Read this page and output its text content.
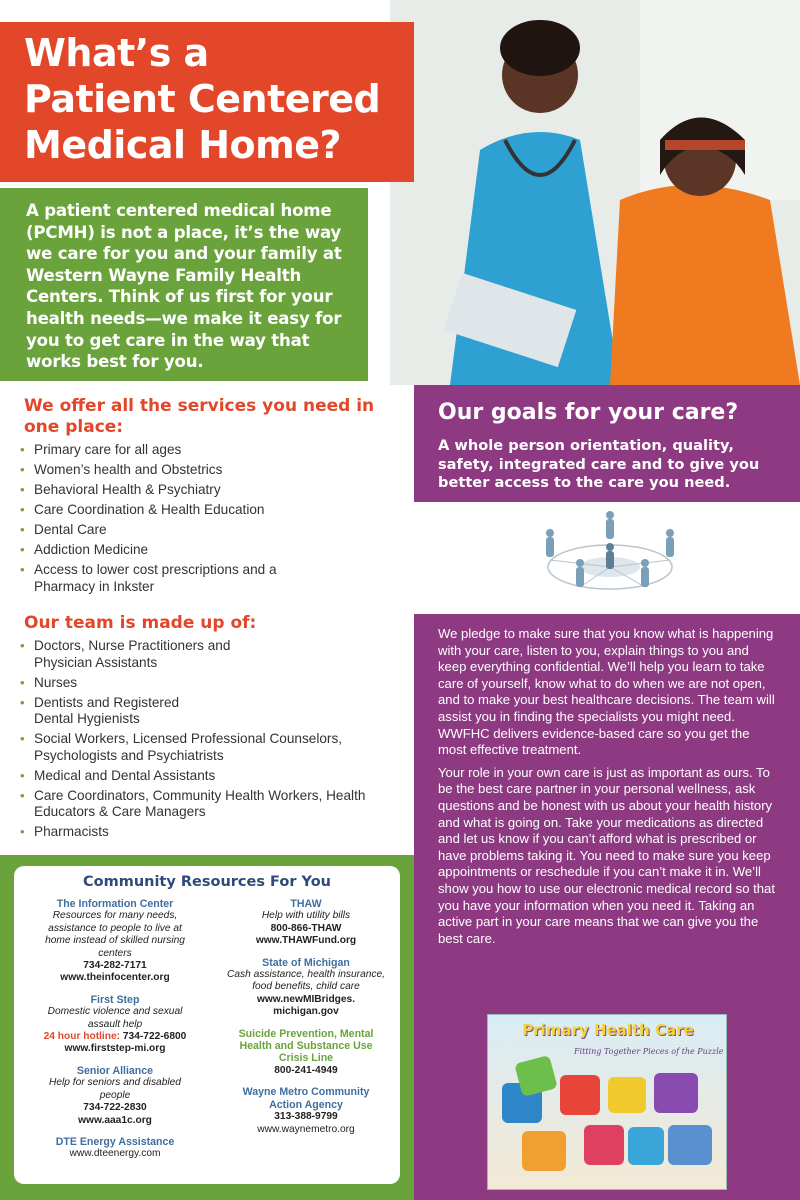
What’s a
Patient Centered
Medical Home?

A patient centered medical home (PCMH) is not a place, it’s the way we care for you and your family at Western Wayne Family Health Centers. Think of us first for your health needs—we make it easy for you to get care in the way that works best for you.

We offer all the services you need in one place:
• Primary care for all ages
• Women’s health and Obstetrics
• Behavioral Health & Psychiatry
• Care Coordination & Health Education
• Dental Care
• Addiction Medicine
• Access to lower cost prescriptions and a Pharmacy in Inkster
Our team is made up of:
• Doctors, Nurse Practitioners and Physician Assistants
• Nurses
• Dentists and Registered Dental Hygienists
• Social Workers, Licensed Professional Counselors, Psychologists and Psychiatrists
• Medical and Dental Assistants
• Care Coordinators, Community Health Workers, Health Educators & Care Managers
• Pharmacists
Our goals for your care?

A whole person orientation, quality, safety, integrated care and to give you better access to the care you need.

We pledge to make sure that you know what is happening with your care, listen to you, explain things to you and keep everything confidential. We’ll help you learn to take care of yourself, know what to do when we are not open, and to make your best healthcare decisions. The team will assist you in finding the specialists you might need. WWFHC delivers evidence-based care so you get the most effective treatment.

Your role in your own care is just as important as ours. To be the best care partner in your personal wellness, ask questions and be honest with us about your health history and what is going on. Take your medications as directed and let us know if you can’t afford what is prescribed or have problems taking it. You need to make sure you keep appointments or reschedule if you can’t make it in. We’ll show you how to use our electronic medical record so that you have your information when you need it. Taking an active part in your care means that we can give you the best care.

Primary Health Care
Fitting Together Pieces of the Puzzle
Community Resources For You
The Information Center
Resources for many needs, assistance to people to live at home instead of skilled nursing centers
734-282-7171
www.theinfocenter.org
First Step
Domestic violence and sexual assault help
24 hour hotline: 734-722-6800
www.firststep-mi.org
Senior Alliance
Help for seniors and disabled people
734-722-2830
www.aaa1c.org
DTE Energy Assistance
www.dteenergy.com
THAW
Help with utility bills
800-866-THAW
www.THAWFund.org
State of Michigan
Cash assistance, health insurance, food benefits, child care
www.newMIBridges. michigan.gov
Suicide Prevention, Mental Health and Substance Use Crisis Line
800-241-4949
Wayne Metro Community Action Agency
313-388-9799
www.waynemetro.org
